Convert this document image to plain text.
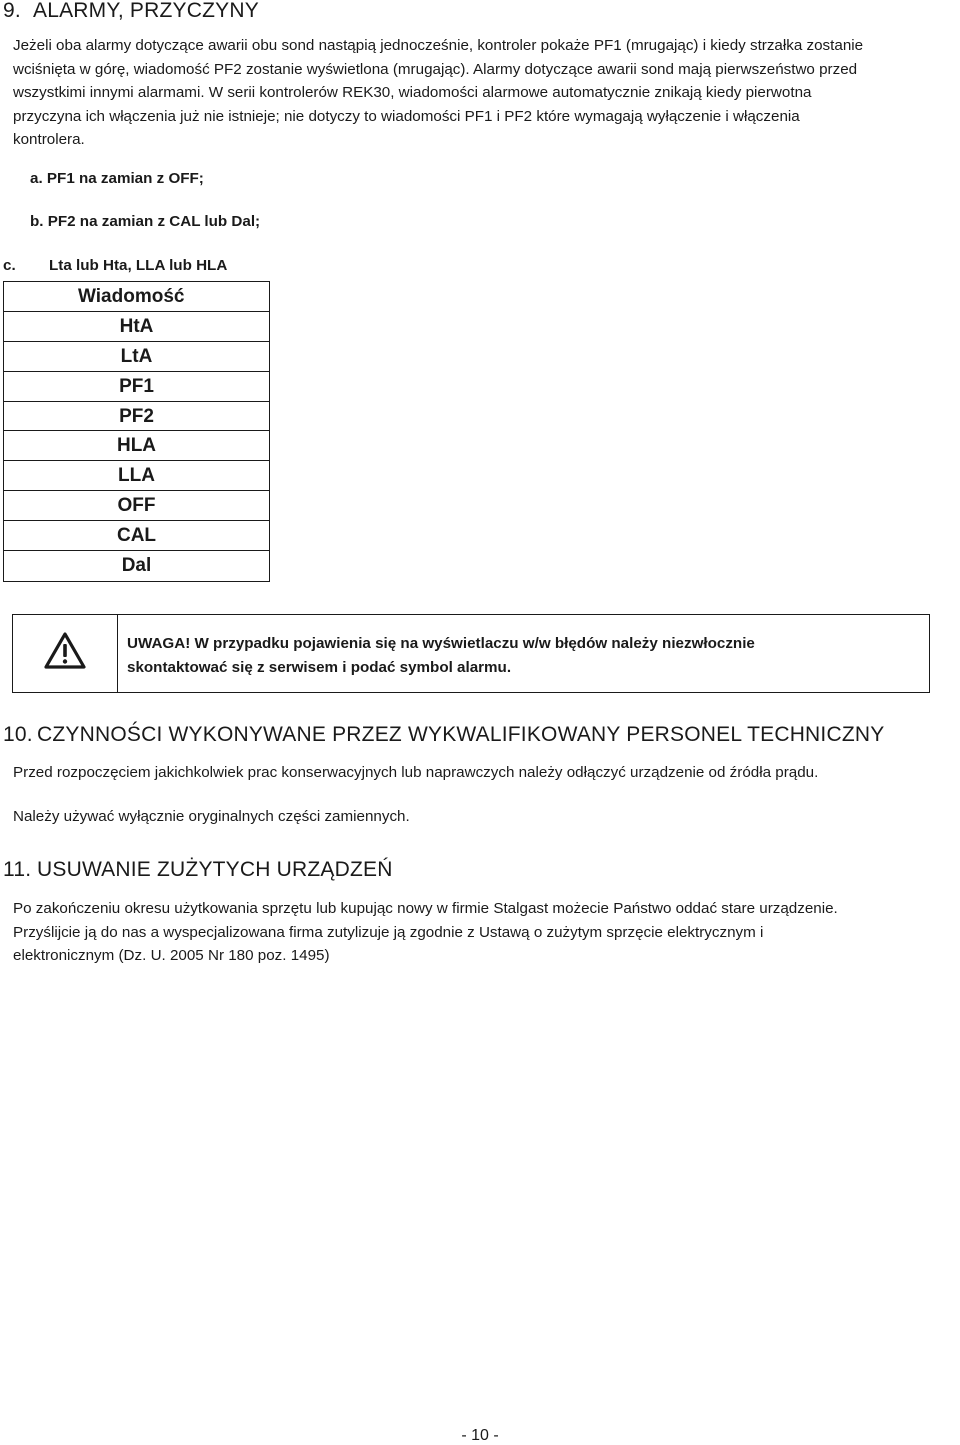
9. ALARMY, PRZYCZYNY
Jeżeli oba alarmy dotyczące awarii obu sond nastąpią jednocześnie, kontroler pokaże PF1 (mrugając) i kiedy strzałka zostanie
wciśnięta w górę, wiadomość PF2 zostanie wyświetlona (mrugając). Alarmy dotyczące awarii sond mają pierwszeństwo przed
wszystkimi innymi alarmami. W serii kontrolerów REK30, wiadomości alarmowe automatycznie znikają kiedy pierwotna
przyczyna ich włączenia już nie istnieje; nie dotyczy to wiadomości PF1 i PF2 które wymagają wyłączenie i włączenia
kontrolera.
a. PF1 na zamian z OFF;
b. PF2 na zamian z CAL lub Dal;
c. Lta lub Hta, LLA lub HLA
Wiadomość
HtA
LtA
PF1
PF2
HLA
LLA
OFF
CAL
Dal
UWAGA! W przypadku pojawienia się na wyświetlaczu w/w błędów należy niezwłocznie
skontaktować się z serwisem i podać symbol alarmu.
10. CZYNNOŚCI WYKONYWANE PRZEZ WYKWALIFIKOWANY PERSONEL TECHNICZNY
Przed rozpoczęciem jakichkolwiek prac konserwacyjnych lub naprawczych należy odłączyć urządzenie od źródła prądu.
Należy używać wyłącznie oryginalnych części zamiennych.
11. USUWANIE ZUŻYTYCH URZĄDZEŃ
Po zakończeniu okresu użytkowania sprzętu lub kupując nowy w firmie Stalgast możecie Państwo oddać stare urządzenie.
Przyślijcie ją do nas a wyspecjalizowana firma zutylizuje ją zgodnie z Ustawą o zużytym sprzęcie elektrycznym i
elektronicznym (Dz. U. 2005 Nr 180 poz. 1495)
- 10 -
